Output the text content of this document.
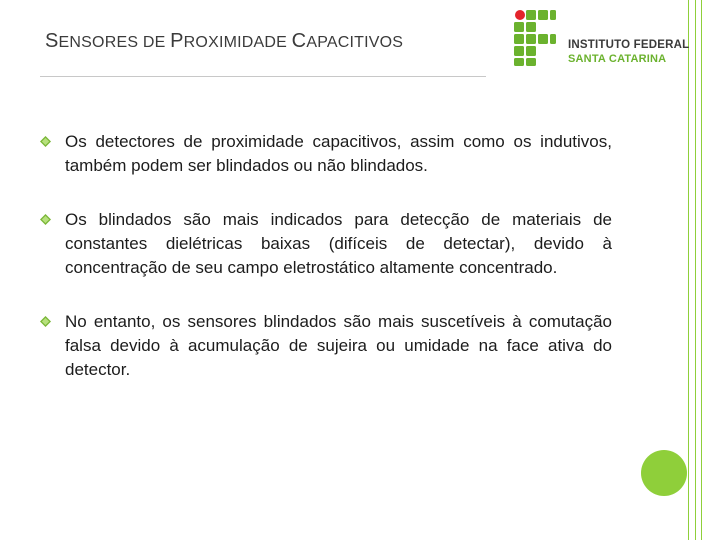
SENSORES DE PROXIMIDADE CAPACITIVOS	INSTITUTO FEDERAL
SANTA CATARINA
Os detectores de proximidade capacitivos, assim como os indutivos, também podem ser blindados ou não blindados.
Os blindados são mais indicados para detecção de materiais de constantes dielétricas baixas (difíceis de detectar), devido à concentração de seu campo eletrostático altamente concentrado.
No entanto, os sensores blindados são mais suscetíveis à comutação falsa devido à acumulação de sujeira ou umidade na face ativa do detector.
